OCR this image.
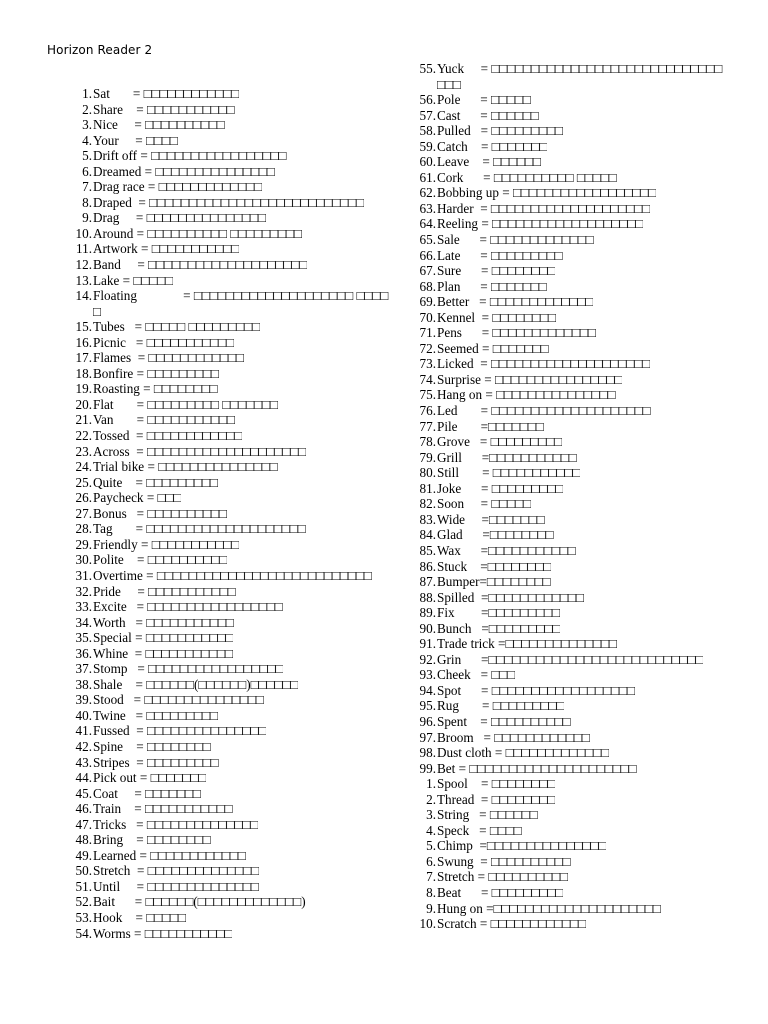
Horizon Reader 2
1. Sat       = □□□□□□□□□□□□
2. Share    = □□□□□□□□□□□
3. Nice     = □□□□□□□□□□
4. Your     = □□□□
5. Drift off = □□□□□□□□□□□□□□□□□
6. Dreamed = □□□□□□□□□□□□□□□
7. Drag race = □□□□□□□□□□□□□
8. Draped  = □□□□□□□□□□□□□□□□□□□□□□□□□□□
9. Drag     = □□□□□□□□□□□□□□□
10. Around = □□□□□□□□□□ □□□□□□□□□
11. Artwork = □□□□□□□□□□□
12. Band     = □□□□□□□□□□□□□□□□□□□□
13. Lake = □□□□□
14. Floating              = □□□□□□□□□□□□□□□□□□□□ □□□□□
15. Tubes   = □□□□□ □□□□□□□□□
16. Picnic   = □□□□□□□□□□□
17. Flames  = □□□□□□□□□□□□
18. Bonfire = □□□□□□□□□
19. Roasting = □□□□□□□□
20. Flat       = □□□□□□□□□ □□□□□□□
21. Van       = □□□□□□□□□□□
22. Tossed  = □□□□□□□□□□□□
23. Across  = □□□□□□□□□□□□□□□□□□□□
24. Trial bike = □□□□□□□□□□□□□□□
25. Quite    = □□□□□□□□□
26. Paycheck = □□□
27. Bonus   = □□□□□□□□□□
28. Tag       = □□□□□□□□□□□□□□□□□□□□
29. Friendly = □□□□□□□□□□□
30. Polite    = □□□□□□□□□□
31. Overtime = □□□□□□□□□□□□□□□□□□□□□□□□□□□
32. Pride     = □□□□□□□□□□□
33. Excite   = □□□□□□□□□□□□□□□□□
34. Worth   = □□□□□□□□□□□
35. Special = □□□□□□□□□□□
36. Whine  = □□□□□□□□□□□
37. Stomp   = □□□□□□□□□□□□□□□□□
38. Shale    = □□□□□□(□□□□□□)□□□□□□
39. Stood   = □□□□□□□□□□□□□□□
40. Twine   = □□□□□□□□□
41. Fussed  = □□□□□□□□□□□□□□□
42. Spine    = □□□□□□□□
43. Stripes  = □□□□□□□□□
44. Pick out = □□□□□□□
45. Coat     = □□□□□□□
46. Train    = □□□□□□□□□□□
47. Tricks   = □□□□□□□□□□□□□□
48. Bring    = □□□□□□□□
49. Learned = □□□□□□□□□□□□
50. Stretch  = □□□□□□□□□□□□□□
51. Until     = □□□□□□□□□□□□□□
52. Bait      = □□□□□□(□□□□□□□□□□□□□)
53. Hook    = □□□□□
54. Worms = □□□□□□□□□□□
55. Yuck     = □□□□□□□□□□□□□□□□□□□□□□□□□□□□□□□□
56. Pole      = □□□□□
57. Cast      = □□□□□□
58. Pulled   = □□□□□□□□□
59. Catch    = □□□□□□□
60. Leave    = □□□□□□
61. Cork      = □□□□□□□□□□ □□□□□
62. Bobbing up = □□□□□□□□□□□□□□□□□□
63. Harder  = □□□□□□□□□□□□□□□□□□□□
64. Reeling = □□□□□□□□□□□□□□□□□□□
65. Sale      = □□□□□□□□□□□□□
66. Late      = □□□□□□□□□
67. Sure      = □□□□□□□□
68. Plan      = □□□□□□□
69. Better   = □□□□□□□□□□□□□
70. Kennel  = □□□□□□□□
71. Pens      = □□□□□□□□□□□□□
72. Seemed = □□□□□□□
73. Licked  = □□□□□□□□□□□□□□□□□□□□
74. Surprise = □□□□□□□□□□□□□□□□
75. Hang on = □□□□□□□□□□□□□□□
76. Led       = □□□□□□□□□□□□□□□□□□□□
77. Pile       =□□□□□□□
78. Grove   = □□□□□□□□□
79. Grill      =□□□□□□□□□□□
80. Still       = □□□□□□□□□□□
81. Joke      = □□□□□□□□□
82. Soon     = □□□□□
83. Wide     =□□□□□□□
84. Glad      =□□□□□□□□
85. Wax      =□□□□□□□□□□□
86. Stuck    =□□□□□□□□
87. Bumper=□□□□□□□□
88. Spilled  =□□□□□□□□□□□□
89. Fix        =□□□□□□□□□
90. Bunch   =□□□□□□□□□
91. Trade trick =□□□□□□□□□□□□□□
92. Grin      =□□□□□□□□□□□□□□□□□□□□□□□□□□□
93. Cheek   = □□□
94. Spot      = □□□□□□□□□□□□□□□□□□
95. Rug       = □□□□□□□□□
96. Spent    = □□□□□□□□□□
97. Broom   = □□□□□□□□□□□□
98. Dust cloth = □□□□□□□□□□□□□
99. Bet = □□□□□□□□□□□□□□□□□□□□□
1. Spool    = □□□□□□□□
2. Thread  = □□□□□□□□
3. String   = □□□□□□
4. Speck   = □□□□
5. Chimp  =□□□□□□□□□□□□□□□
6. Swung  = □□□□□□□□□□
7. Stretch = □□□□□□□□□□
8. Beat      = □□□□□□□□□
9. Hung on =□□□□□□□□□□□□□□□□□□□□□
10. Scratch = □□□□□□□□□□□□
